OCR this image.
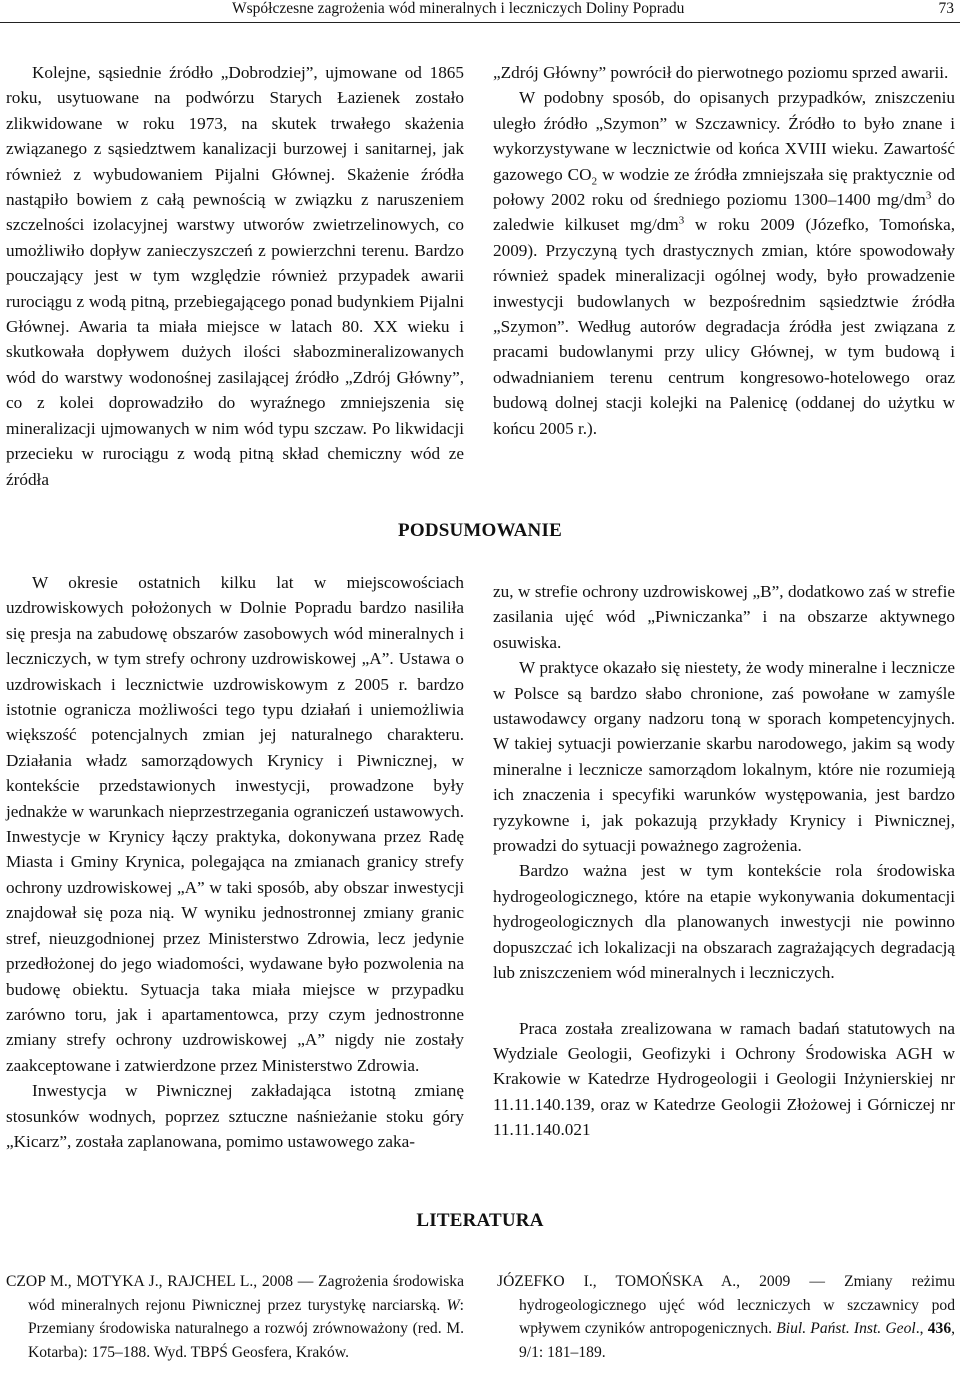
Współczesne zagrożenia wód mineralnych i leczniczych Doliny Popradu	73

Kolejne, sąsiednie źródło „Dobrodziej”, ujmowane od 1865 roku, usytuowane na podwórzu Starych Łazienek zostało zlikwidowane w roku 1973, na skutek trwałego skażenia związanego z sąsiedztwem kanalizacji burzowej i sanitarnej, jak również z wybudowaniem Pijalni Głównej. Skażenie źródła nastąpiło bowiem z całą pewnością w związku z naruszeniem szczelności izolacyjnej warstwy utworów zwietrzelinowych, co umożliwiło dopływ zanieczyszczeń z powierzchni terenu. Bardzo pouczający jest w tym względzie również przypadek awarii rurociągu z wodą pitną, przebiegającego ponad budynkiem Pijalni Głównej. Awaria ta miała miejsce w latach 80. XX wieku i skutkowała dopływem dużych ilości słabozmineralizowanych wód do warstwy wodonośnej zasilającej źródło „Zdrój Główny”, co z kolei doprowadziło do wyraźnego zmniejszenia się mineralizacji ujmowanych w nim wód typu szczaw. Po likwidacji przecieku w rurociągu z wodą pitną skład chemiczny wód ze źródła

„Zdrój Główny” powrócił do pierwotnego poziomu sprzed awarii.

W podobny sposób, do opisanych przypadków, zniszczeniu uległo źródło „Szymon” w Szczawnicy. Źródło to było znane i wykorzystywane w lecznictwie od końca XVIII wieku. Zawartość gazowego $CO_2$ w wodzie ze źródła zmniejszała się praktycznie od połowy 2002 roku od średniego poziomu 1300–1400 $mg/dm^3$ do zaledwie kilkuset $mg/dm^3$ w roku 2009 (Józefko, Tomońska, 2009). Przyczyną tych drastycznych zmian, które spowodowały również spadek mineralizacji ogólnej wody, było prowadzenie inwestycji budowlanych w bezpośrednim sąsiedztwie źródła „Szymon”. Według autorów degradacja źródła jest związana z pracami budowlanymi przy ulicy Głównej, w tym budową i odwadnianiem terenu centrum kongresowo-hotelowego oraz budową dolnej stacji kolejki na Palenicę (oddanej do użytku w końcu 2005 r.).

PODSUMOWANIE

W okresie ostatnich kilku lat w miejscowościach uzdrowiskowych położonych w Dolnie Popradu bardzo nasiliła się presja na zabudowę obszarów zasobowych wód mineralnych i leczniczych, w tym strefy ochrony uzdrowiskowej „A”. Ustawa o uzdrowiskach i lecznictwie uzdrowiskowym z 2005 r. bardzo istotnie ogranicza możliwości tego typu działań i uniemożliwia większość potencjalnych zmian jej naturalnego charakteru. Działania władz samorządowych Krynicy i Piwnicznej, w kontekście przedstawionych inwestycji, prowadzone były jednakże w warunkach nieprzestrzegania ograniczeń ustawowych. Inwestycje w Krynicy łączy praktyka, dokonywana przez Radę Miasta i Gminy Krynica, polegająca na zmianach granicy strefy ochrony uzdrowiskowej „A” w taki sposób, aby obszar inwestycji znajdował się poza nią. W wyniku jednostronnej zmiany granic stref, nieuzgodnionej przez Ministerstwo Zdrowia, lecz jedynie przedłożonej do jego wiadomości, wydawane było pozwolenia na budowę obiektu. Sytuacja taka miała miejsce w przypadku zarówno toru, jak i apartamentowca, przy czym jednostronne zmiany strefy ochrony uzdrowiskowej „A” nigdy nie zostały zaakceptowane i zatwierdzone przez Ministerstwo Zdrowia.

Inwestycja w Piwnicznej zakładająca istotną zmianę stosunków wodnych, poprzez sztuczne naśnieżanie stoku góry „Kicarz”, została zaplanowana, pomimo ustawowego zaka-

zu, w strefie ochrony uzdrowiskowej „B”, dodatkowo zaś w strefie zasilania ujęć wód „Piwniczanka” i na obszarze aktywnego osuwiska.

W praktyce okazało się niestety, że wody mineralne i lecznicze w Polsce są bardzo słabo chronione, zaś powołane w zamyśle ustawodawcy organy nadzoru toną w sporach kompetencyjnych. W takiej sytuacji powierzanie skarbu narodowego, jakim są wody mineralne i lecznicze samorządom lokalnym, które nie rozumieją ich znaczenia i specyfiki warunków występowania, jest bardzo ryzykowne i, jak pokazują przykłady Krynicy i Piwnicznej, prowadzi do sytuacji poważnego zagrożenia.

Bardzo ważna jest w tym kontekście rola środowiska hydrogeologicznego, które na etapie wykonywania dokumentacji hydrogeologicznych dla planowanych inwestycji nie powinno dopuszczać ich lokalizacji na obszarach zagrażających degradacją lub zniszczeniem wód mineralnych i leczniczych.

Praca została zrealizowana w ramach badań statutowych na Wydziale Geologii, Geofizyki i Ochrony Środowiska AGH w Krakowie w Katedrze Hydrogeologii i Geologii Inżynierskiej nr 11.11.140.139, oraz w Katedrze Geologii Złożowej i Górniczej nr 11.11.140.021

LITERATURA
CZOP M., MOTYKA J., RAJCHEL L., 2008 — Zagrożenia środowiska wód mineralnych rejonu Piwnicznej przez turystykę narciarską. W: Przemiany środowiska naturalnego a rozwój zrównoważony (red. M. Kotarba): 175–188. Wyd. TBPŚ Geosfera, Kraków.
JÓZEFKO I., TOMOŃSKA A., 2009 — Zmiany reżimu hydrogeologicznego ujęć wód leczniczych w szczawnicy pod wpływem czyników antropogenicznych. Biul. Państ. Inst. Geol., 436, 9/1: 181–189.
